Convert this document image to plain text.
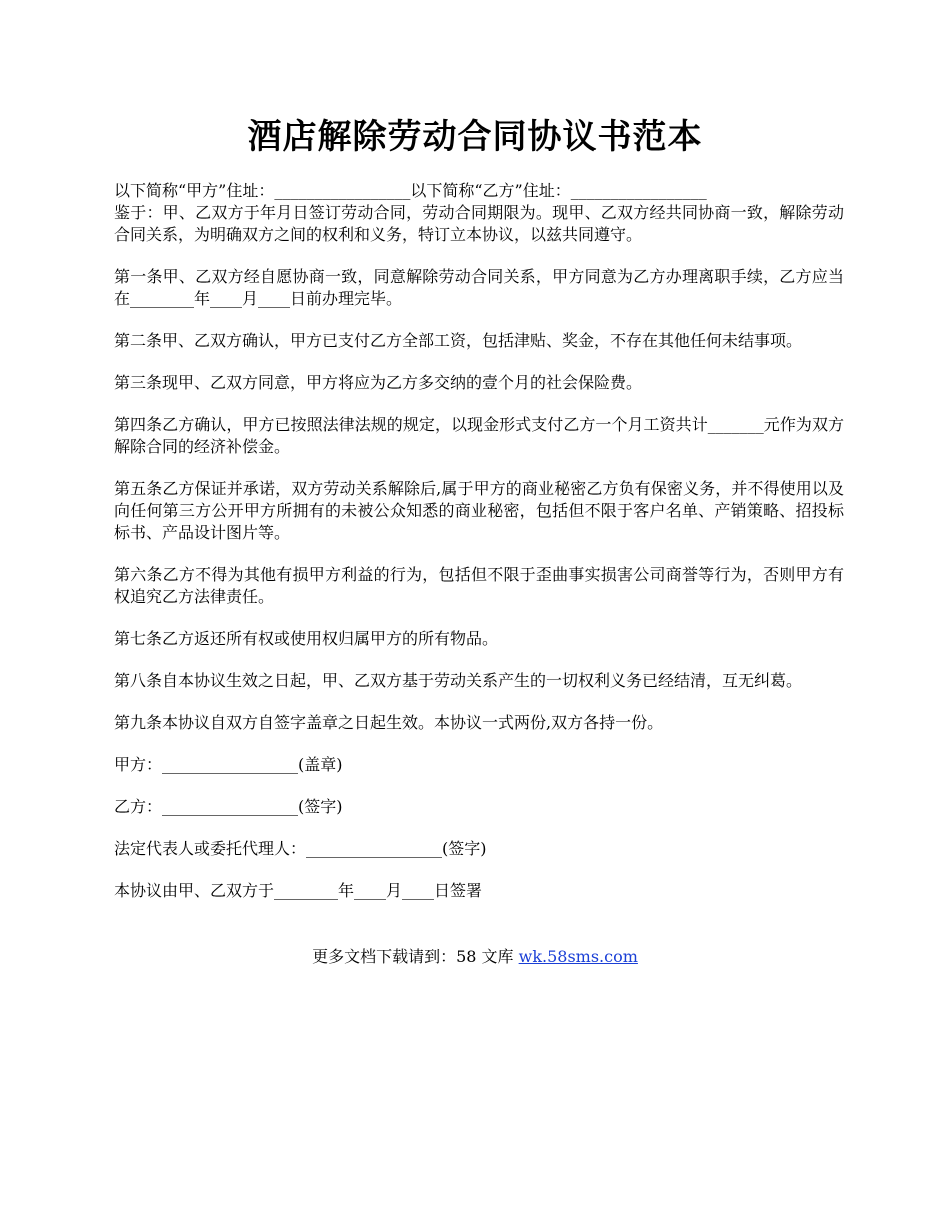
酒店解除劳动合同协议书范本
以下简称“甲方”住址：_________________以下简称“乙方”住址：_________________
鉴于：甲、乙双方于年月日签订劳动合同，劳动合同期限为。现甲、乙双方经共同协商一致，解除劳动合同关系，为明确双方之间的权利和义务，特订立本协议，以兹共同遵守。
第一条甲、乙双方经自愿协商一致，同意解除劳动合同关系，甲方同意为乙方办理离职手续，乙方应当在________年____月____日前办理完毕。
第二条甲、乙双方确认，甲方已支付乙方全部工资，包括津贴、奖金，不存在其他任何未结事项。
第三条现甲、乙双方同意，甲方将应为乙方多交纳的壹个月的社会保险费。
第四条乙方确认，甲方已按照法律法规的规定，以现金形式支付乙方一个月工资共计_______元作为双方解除合同的经济补偿金。
第五条乙方保证并承诺，双方劳动关系解除后,属于甲方的商业秘密乙方负有保密义务，并不得使用以及向任何第三方公开甲方所拥有的未被公众知悉的商业秘密，包括但不限于客户名单、产销策略、招投标标书、产品设计图片等。
第六条乙方不得为其他有损甲方利益的行为，包括但不限于歪曲事实损害公司商誉等行为，否则甲方有权追究乙方法律责任。
第七条乙方返还所有权或使用权归属甲方的所有物品。
第八条自本协议生效之日起，甲、乙双方基于劳动关系产生的一切权利义务已经结清，互无纠葛。
第九条本协议自双方自签字盖章之日起生效。本协议一式两份,双方各持一份。
甲方：_________________(盖章)
乙方：_________________(签字)
法定代表人或委托代理人：_________________(签字)
本协议由甲、乙双方于________年____月____日签署
更多文档下载请到：58 文库 wk.58sms.com
